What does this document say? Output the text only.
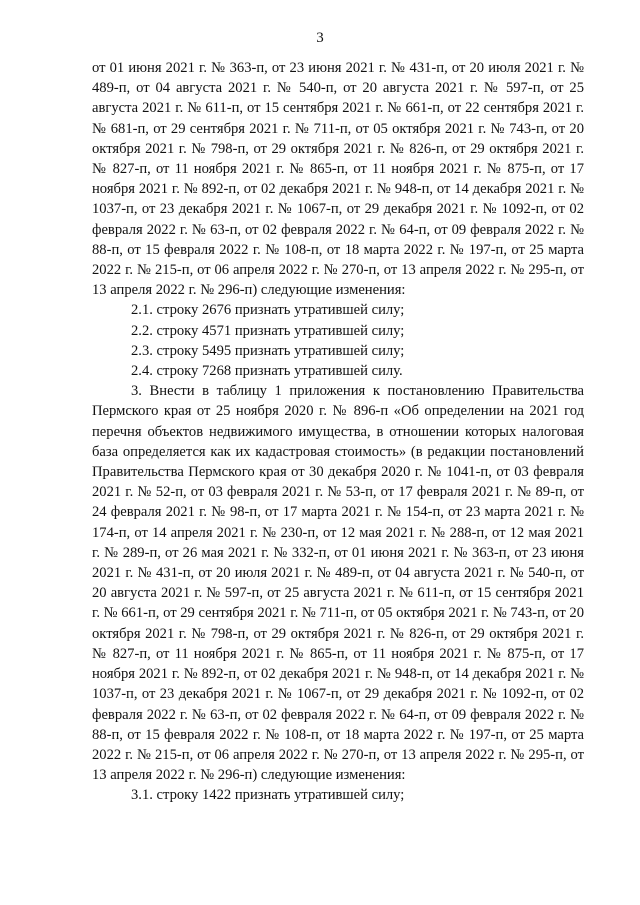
3

от 01 июня 2021 г. № 363-п, от 23 июня 2021 г. № 431-п, от 20 июля 2021 г. № 489-п, от 04 августа 2021 г. № 540-п, от 20 августа 2021 г. № 597-п, от 25 августа 2021 г. № 611-п, от 15 сентября 2021 г. № 661-п, от 22 сентября 2021 г. № 681-п, от 29 сентября 2021 г. № 711-п, от 05 октября 2021 г. № 743-п, от 20 октября 2021 г. № 798-п, от 29 октября 2021 г. № 826-п, от 29 октября 2021 г. № 827-п, от 11 ноября 2021 г. № 865-п, от 11 ноября 2021 г. № 875-п, от 17 ноября 2021 г. № 892-п, от 02 декабря 2021 г. № 948-п, от 14 декабря 2021 г. № 1037-п, от 23 декабря 2021 г. № 1067-п, от 29 декабря 2021 г. № 1092-п, от 02 февраля 2022 г. № 63-п, от 02 февраля 2022 г. № 64-п, от 09 февраля 2022 г. № 88-п, от 15 февраля 2022 г. № 108-п, от 18 марта 2022 г. № 197-п, от 25 марта 2022 г. № 215-п, от 06 апреля 2022 г. № 270-п, от 13 апреля 2022 г. № 295-п, от 13 апреля 2022 г. № 296-п) следующие изменения:

2.1. строку 2676 признать утратившей силу;

2.2. строку 4571 признать утратившей силу;

2.3. строку 5495 признать утратившей силу;

2.4. строку 7268 признать утратившей силу.

3. Внести в таблицу 1 приложения к постановлению Правительства Пермского края от 25 ноября 2020 г. № 896-п «Об определении на 2021 год перечня объектов недвижимого имущества, в отношении которых налоговая база определяется как их кадастровая стоимость» (в редакции постановлений Правительства Пермского края от 30 декабря 2020 г. № 1041-п, от 03 февраля 2021 г. № 52-п, от 03 февраля 2021 г. № 53-п, от 17 февраля 2021 г. № 89-п, от 24 февраля 2021 г. № 98-п, от 17 марта 2021 г. № 154-п, от 23 марта 2021 г. № 174-п, от 14 апреля 2021 г. № 230-п, от 12 мая 2021 г. № 288-п, от 12 мая 2021 г. № 289-п, от 26 мая 2021 г. № 332-п, от 01 июня 2021 г. № 363-п, от 23 июня 2021 г. № 431-п, от 20 июля 2021 г. № 489-п, от 04 августа 2021 г. № 540-п, от 20 августа 2021 г. № 597-п, от 25 августа 2021 г. № 611-п, от 15 сентября 2021 г. № 661-п, от 29 сентября 2021 г. № 711-п, от 05 октября 2021 г. № 743-п, от 20 октября 2021 г. № 798-п, от 29 октября 2021 г. № 826-п, от 29 октября 2021 г. № 827-п, от 11 ноября 2021 г. № 865-п, от 11 ноября 2021 г. № 875-п, от 17 ноября 2021 г. № 892-п, от 02 декабря 2021 г. № 948-п, от 14 декабря 2021 г. № 1037-п, от 23 декабря 2021 г. № 1067-п, от 29 декабря 2021 г. № 1092-п, от 02 февраля 2022 г. № 63-п, от 02 февраля 2022 г. № 64-п, от 09 февраля 2022 г. № 88-п, от 15 февраля 2022 г. № 108-п, от 18 марта 2022 г. № 197-п, от 25 марта 2022 г. № 215-п, от 06 апреля 2022 г. № 270-п, от 13 апреля 2022 г. № 295-п, от 13 апреля 2022 г. № 296-п) следующие изменения:

3.1. строку 1422 признать утратившей силу;
